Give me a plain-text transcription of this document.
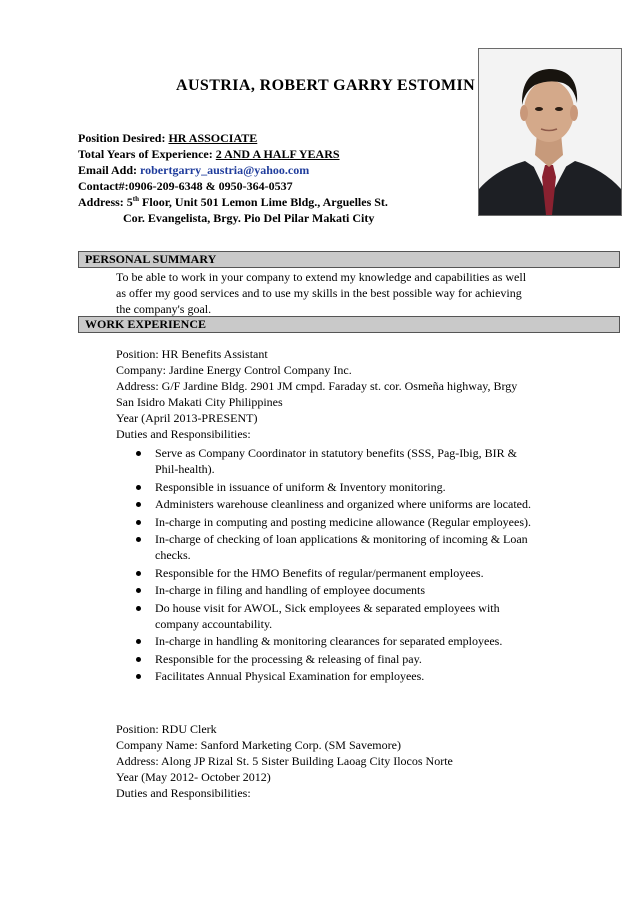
AUSTRIA, ROBERT GARRY ESTOMIN
Position Desired: HR ASSOCIATE
Total Years of Experience: 2 AND A HALF YEARS
Email Add: robertgarry_austria@yahoo.com
Contact#:0906-209-6348 & 0950-364-0537
Address: 5th Floor, Unit 501 Lemon Lime Bldg., Arguelles St.
Cor. Evangelista, Brgy. Pio Del Pilar Makati City
PERSONAL SUMMARY
To be able to work in your company to extend my knowledge and capabilities as well
as offer my good services and to use my skills in the best possible way for achieving
the company's goal.
WORK EXPERIENCE
Position: HR Benefits Assistant
Company: Jardine Energy Control Company Inc.
Address: G/F Jardine Bldg. 2901 JM cmpd. Faraday st. cor. Osmeña highway, Brgy
San Isidro Makati City Philippines
Year (April 2013-PRESENT)
Duties and Responsibilities:
Serve as Company Coordinator in statutory benefits (SSS, Pag-Ibig, BIR &
Phil-health).
Responsible in issuance of uniform & Inventory monitoring.
Administers warehouse cleanliness and organized where uniforms are located.
In-charge in computing and posting medicine allowance (Regular employees).
In-charge of checking of loan applications & monitoring of incoming & Loan
checks.
Responsible for the HMO Benefits of regular/permanent employees.
In-charge in filing and handling of employee documents
Do house visit for AWOL, Sick employees & separated employees with
company accountability.
In-charge in handling & monitoring clearances for separated employees.
Responsible for the processing & releasing of final pay.
Facilitates Annual Physical Examination for employees.
Position: RDU Clerk
Company Name: Sanford Marketing Corp. (SM Savemore)
Address: Along JP Rizal St. 5 Sister Building Laoag City Ilocos Norte
Year (May 2012- October 2012)
Duties and Responsibilities:
